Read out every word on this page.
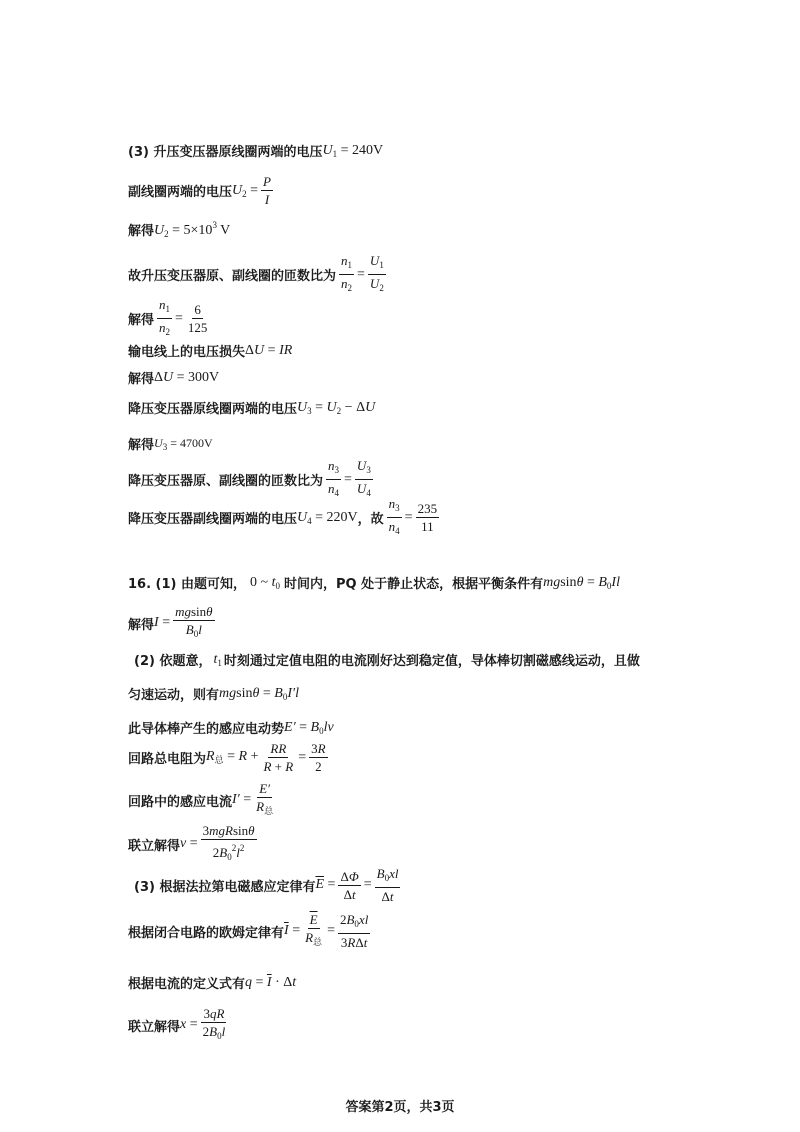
(3) 升压变压器原线圈两端的电压 $U_1 = 240V$
副线圈两端的电压 $U_2 = \frac{P}{I}$
解得 $U_2 = 5\times 10^3$ V
故升压变压器原、副线圈的匝数比为 $\frac{n_1}{n_2} = \frac{U_1}{U_2}$
解得 $\frac{n_1}{n_2} = \frac{6}{125}$
输电线上的电压损失 ΔU = IR
解得 ΔU = 300V
降压变压器原线圈两端的电压 $U_3 = U_2 - \Delta U$
解得 $U_3 = 4700V$
降压变压器原、副线圈的匝数比为 $\frac{n_3}{n_4} = \frac{U_3}{U_4}$
降压变压器副线圈两端的电压 $U_4 = 220V$ ，故 $\frac{n_3}{n_4} = \frac{235}{11}$
16. (1) 由题可知， 0 ~ $t_0$ 时间内，PQ 处于静止状态，根据平衡条件有 $mgsin\theta = B_0Il$
解得 $I = \frac{mgsin\theta}{B_0l}$
(2) 依题意， $t_1$ 时刻通过定值电阻的电流刚好达到稳定值，导体棒切割磁感线运动，且做
匀速运动，则有 $mgsin\theta = B_0I'l$
此导体棒产生的感应电动势 $E' = B_0lv$
回路总电阻为 $R_总 = R + \frac{RR}{R + R} = \frac{3R}{2}$
回路中的感应电流 $I' = \frac{E'}{R_总}$
联立解得 $v = \frac{\text{3mgRsinθ}}{2B_0^2l^2}$
(3) 根据法拉第电磁感应定律有 $\overline{E} = \frac{\Delta\Phi}{\Delta t} = \frac{B_0xl}{\Delta t}$
根据闭合电路的欧姆定律有 $\overline{I} = \frac{\overline{E}}{R_总} = \frac{2B_0xl}{\text{3RΔt}}$
根据电流的定义式有 $q = \overline{I} \cdot \Delta t$
联立解得 $x = \frac{3qR}{2B_0l}$
答案第2页，共3页
